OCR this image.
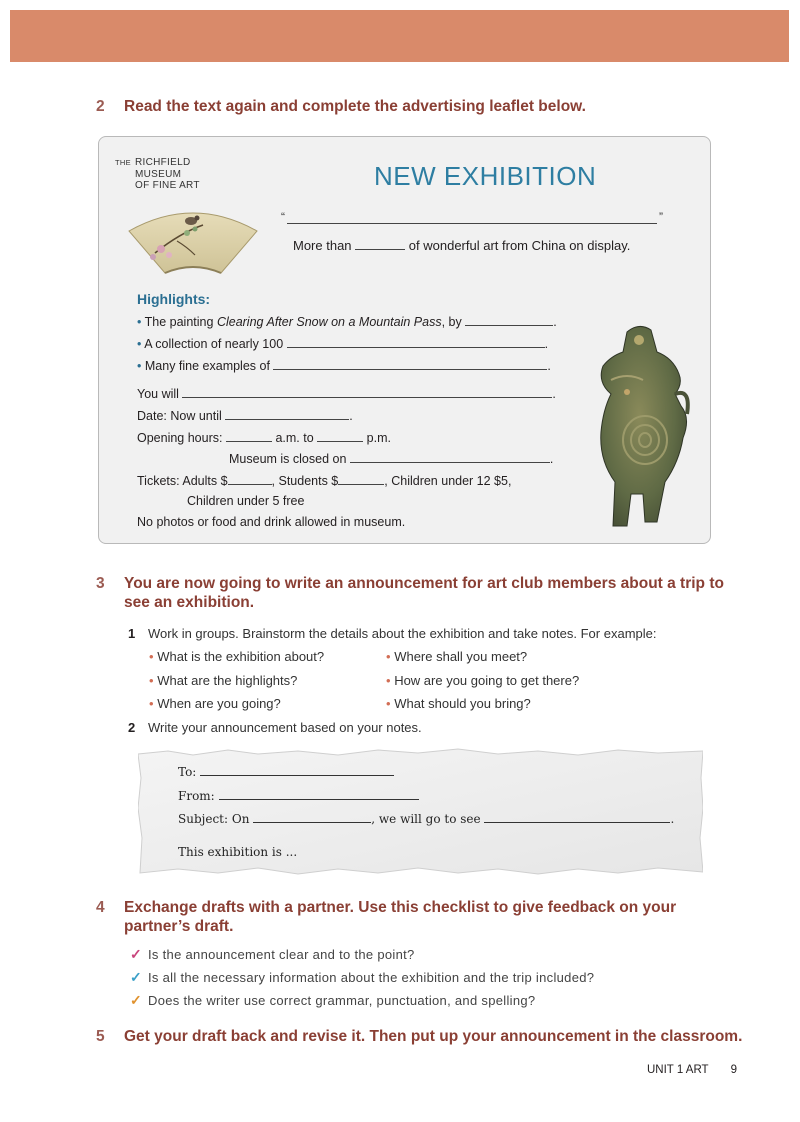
2	Read the text again and complete the advertising leaflet below.
THE RICHFIELD
MUSEUM
OF FINE ART	NEW EXHIBITION
“	”
More than	of wonderful art from China on display.
Highlights:
• The painting Clearing After Snow on a Mountain Pass, by	.
• A collection of nearly 100	.
• Many fine examples of	.
You will	.
Date: Now until	.
Opening hours:	a.m. to	p.m.
Museum is closed on	.
Tickets: Adults $	, Students $	, Children under 12 $5,
Children under 5 free
No photos or food and drink allowed in museum.
3	You are now going to write an announcement for art club members about a trip to see an exhibition.
1 Work in groups. Brainstorm the details about the exhibition and take notes. For example:
• What is the exhibition about?
• What are the highlights?
• When are you going?
• Where shall you meet?
• How are you going to get there?
• What should you bring?
2 Write your announcement based on your notes.
To:
From:
Subject: On	, we will go to see	.
This exhibition is ...
4	Exchange drafts with a partner. Use this checklist to give feedback on your partner’s draft.
✓ Is the announcement clear and to the point?
✓ Is all the necessary information about the exhibition and the trip included?
✓ Does the writer use correct grammar, punctuation, and spelling?
5	Get your draft back and revise it. Then put up your announcement in the classroom.
UNIT 1 ART 9
